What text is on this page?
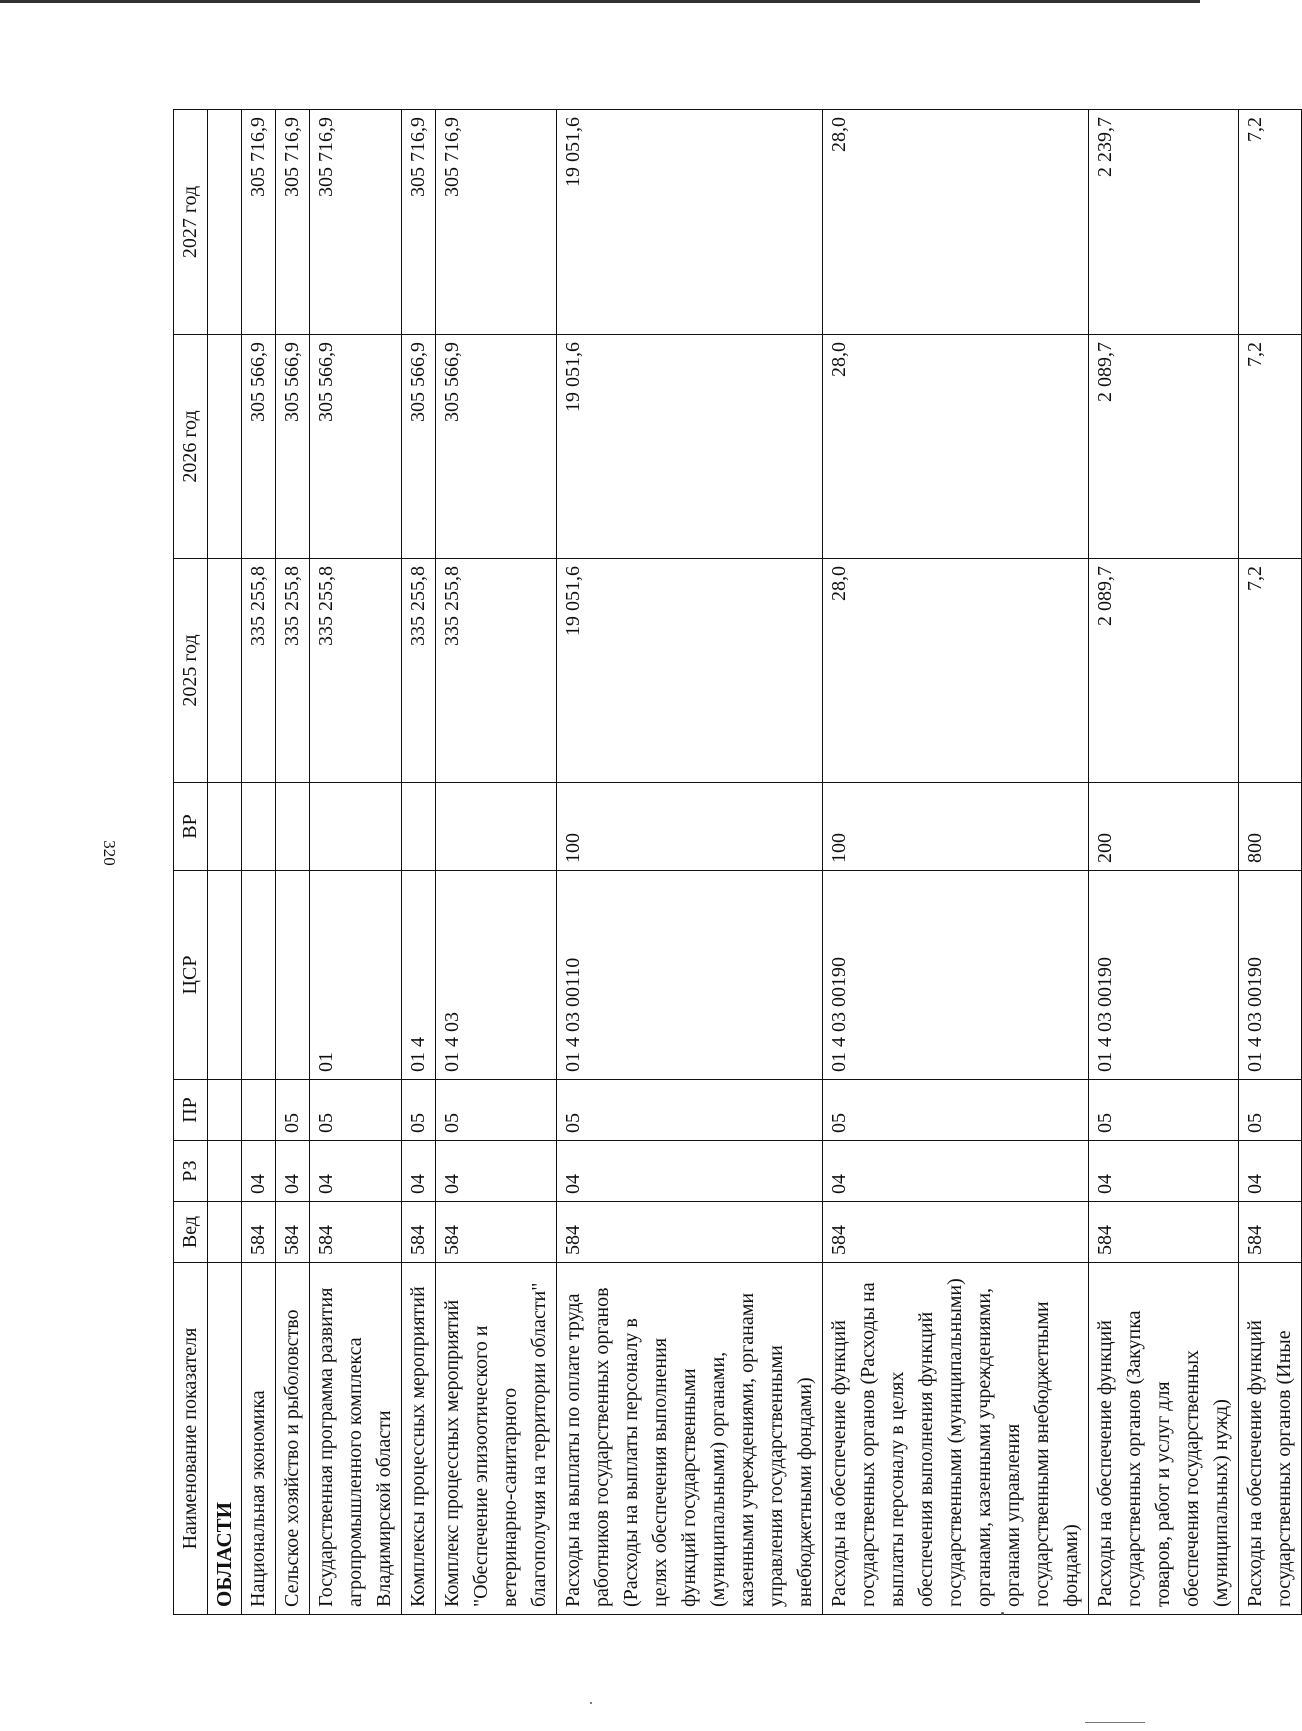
320
Наименование показателя	Вед	РЗ	ПР	ЦСР	ВР	2025 год	2026 год	2027 год
ОБЛАСТИ								
Национальная экономика	584	04				335 255,8	305 566,9	305 716,9
Сельское хозяйство и рыболовство	584	04	05			335 255,8	305 566,9	305 716,9
Государственная программа развития агропромышленного комплекса Владимирской области	584	04	05	01		335 255,8	305 566,9	305 716,9
Комплексы процессных мероприятий	584	04	05	01 4		335 255,8	305 566,9	305 716,9
Комплекс процессных мероприятий "Обеспечение эпизоотического и ветеринарно-санитарного благополучия на территории области"	584	04	05	01 4 03		335 255,8	305 566,9	305 716,9
Расходы на выплаты по оплате труда работников государственных органов (Расходы на выплаты персоналу в целях обеспечения выполнения функций государственными (муниципальными) органами, казенными учреждениями, органами управления государственными внебюджетными фондами)	584	04	05	01 4 03 00110	100	19 051,6	19 051,6	19 051,6
Расходы на обеспечение функций государственных органов (Расходы на выплаты персоналу в целях обеспечения выполнения функций государственными (муниципальными) органами, казенными учреждениями, органами управления государственными внебюджетными фондами)	584	04	05	01 4 03 00190	100	28,0	28,0	28,0
Расходы на обеспечение функций государственных органов (Закупка товаров, работ и услуг для обеспечения государственных (муниципальных) нужд)	584	04	05	01 4 03 00190	200	2 089,7	2 089,7	2 239,7
Расходы на обеспечение функций государственных органов (Иные	584	04	05	01 4 03 00190	800	7,2	7,2	7,2
